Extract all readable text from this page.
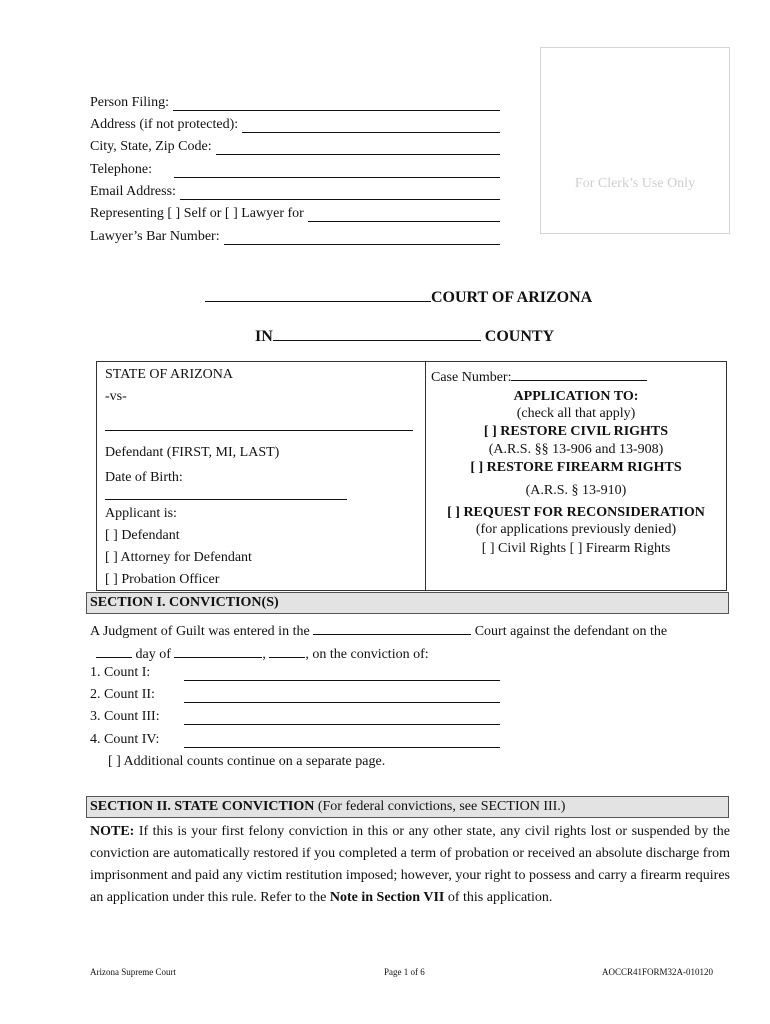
For Clerk’s Use Only
Person Filing:
Address (if not protected):
City, State, Zip Code:
Telephone:
Email Address:
Representing [ ] Self or [ ] Lawyer for
Lawyer’s Bar Number:
COURT OF ARIZONA
IN	COUNTY
STATE OF ARIZONA
-vs-
Defendant (FIRST, MI, LAST)
Date of Birth:
Applicant is:
[ ] Defendant
[ ] Attorney for Defendant
[ ] Probation Officer
Case Number:
APPLICATION TO:
(check all that apply)
[ ] RESTORE CIVIL RIGHTS
(A.R.S. §§ 13-906 and 13-908)
[ ] RESTORE FIREARM RIGHTS
(A.R.S. § 13-910)
[ ] REQUEST FOR RECONSIDERATION
(for applications previously denied)
[ ] Civil Rights [ ] Firearm Rights
SECTION I. CONVICTION(S)
A Judgment of Guilt was entered in the	Court against the defendant on the
day of	,	, on the conviction of:
1. Count I:
2. Count II:
3. Count III:
4. Count IV:
[ ] Additional counts continue on a separate page.
SECTION II. STATE CONVICTION (For federal convictions, see SECTION III.)
NOTE: If this is your first felony conviction in this or any other state, any civil rights lost or suspended by the conviction are automatically restored if you completed a term of probation or received an absolute discharge from imprisonment and paid any victim restitution imposed; however, your right to possess and carry a firearm requires an application under this rule. Refer to the Note in Section VII of this application.
Arizona Supreme Court	Page 1 of 6	AOCCR41FORM32A-010120
